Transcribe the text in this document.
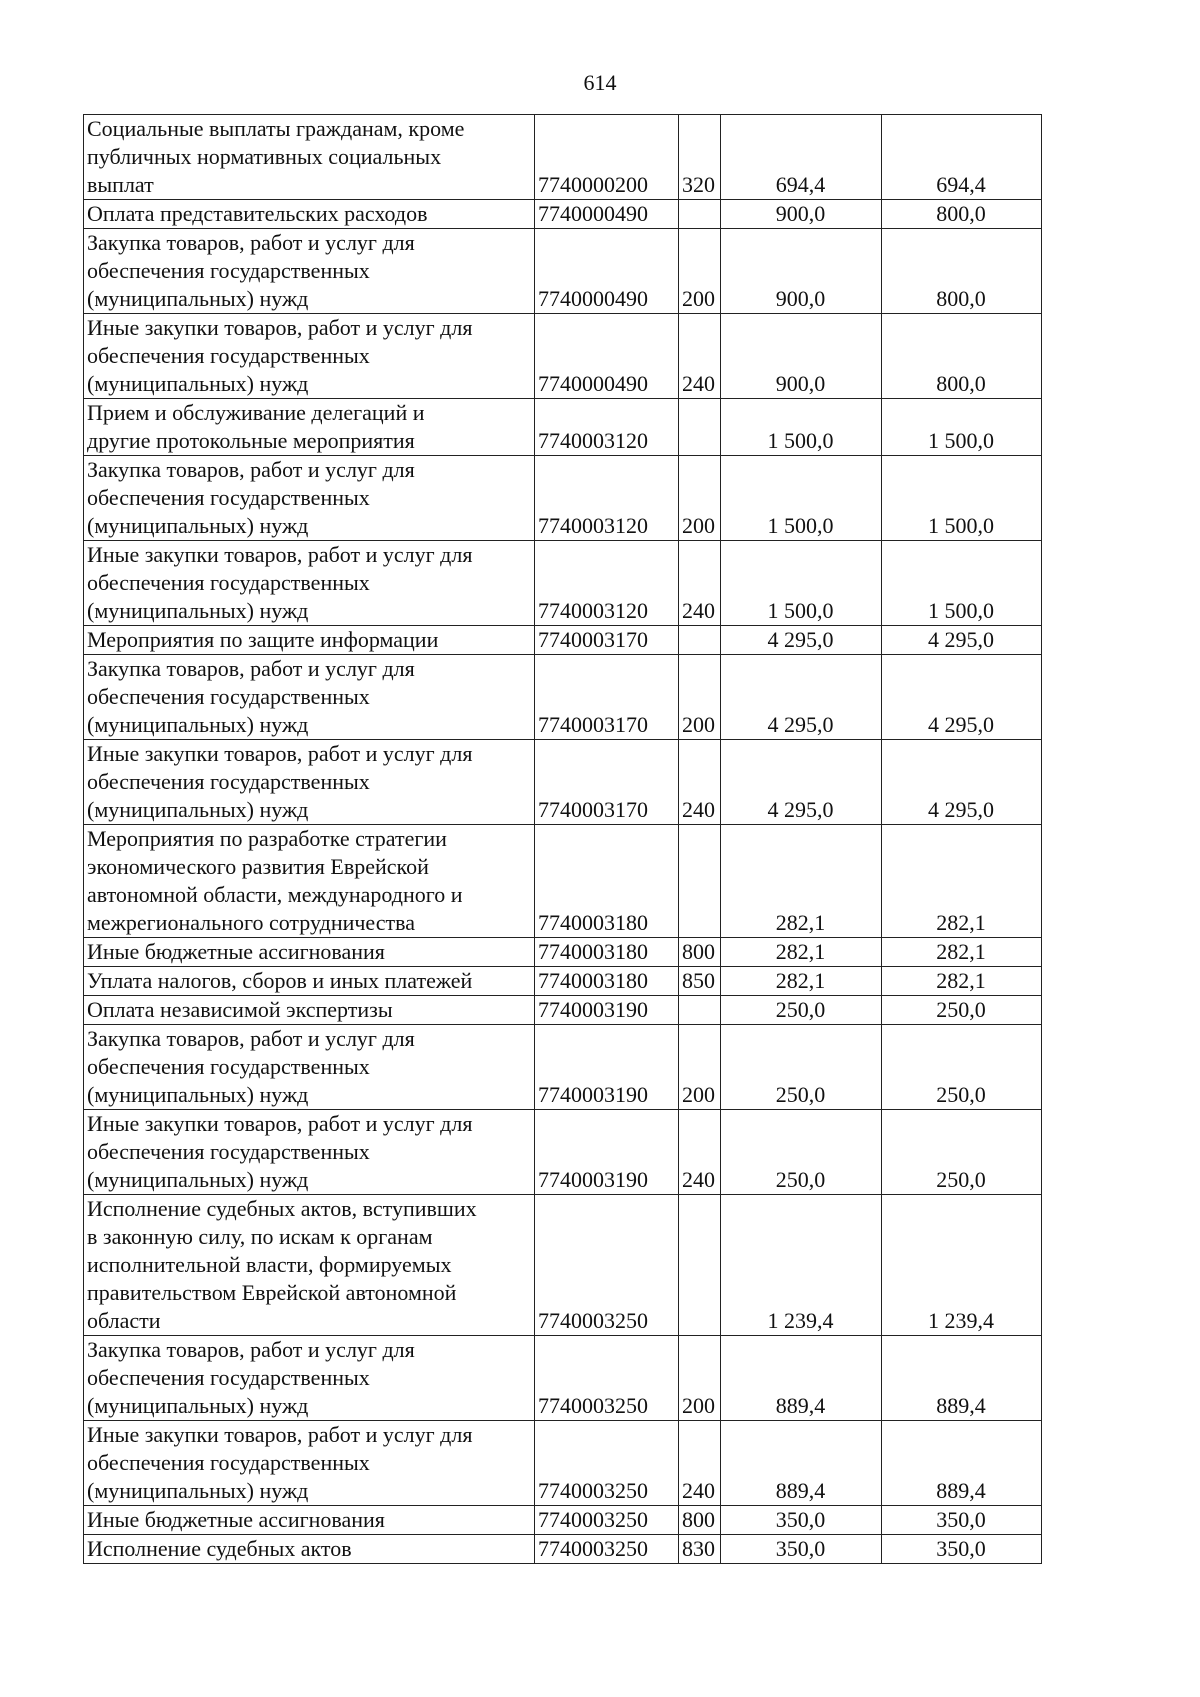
614
Социальные выплаты гражданам, кроме
публичных нормативных социальных
выплат	7740000200	320	694,4	694,4
Оплата представительских расходов	7740000490		900,0	800,0
Закупка товаров, работ и услуг для
обеспечения государственных
(муниципальных) нужд	7740000490	200	900,0	800,0
Иные закупки товаров, работ и услуг для
обеспечения государственных
(муниципальных) нужд	7740000490	240	900,0	800,0
Прием и обслуживание делегаций и
другие протокольные мероприятия	7740003120		1 500,0	1 500,0
Закупка товаров, работ и услуг для
обеспечения государственных
(муниципальных) нужд	7740003120	200	1 500,0	1 500,0
Иные закупки товаров, работ и услуг для
обеспечения государственных
(муниципальных) нужд	7740003120	240	1 500,0	1 500,0
Мероприятия по защите информации	7740003170		4 295,0	4 295,0
Закупка товаров, работ и услуг для
обеспечения государственных
(муниципальных) нужд	7740003170	200	4 295,0	4 295,0
Иные закупки товаров, работ и услуг для
обеспечения государственных
(муниципальных) нужд	7740003170	240	4 295,0	4 295,0
Мероприятия по разработке стратегии
экономического развития Еврейской
автономной области, международного и
межрегионального сотрудничества	7740003180		282,1	282,1
Иные бюджетные ассигнования	7740003180	800	282,1	282,1
Уплата налогов, сборов и иных платежей	7740003180	850	282,1	282,1
Оплата независимой экспертизы	7740003190		250,0	250,0
Закупка товаров, работ и услуг для
обеспечения государственных
(муниципальных) нужд	7740003190	200	250,0	250,0
Иные закупки товаров, работ и услуг для
обеспечения государственных
(муниципальных) нужд	7740003190	240	250,0	250,0
Исполнение судебных актов, вступивших
в законную силу, по искам к органам
исполнительной власти, формируемых
правительством Еврейской автономной
области	7740003250		1 239,4	1 239,4
Закупка товаров, работ и услуг для
обеспечения государственных
(муниципальных) нужд	7740003250	200	889,4	889,4
Иные закупки товаров, работ и услуг для
обеспечения государственных
(муниципальных) нужд	7740003250	240	889,4	889,4
Иные бюджетные ассигнования	7740003250	800	350,0	350,0
Исполнение судебных актов	7740003250	830	350,0	350,0
